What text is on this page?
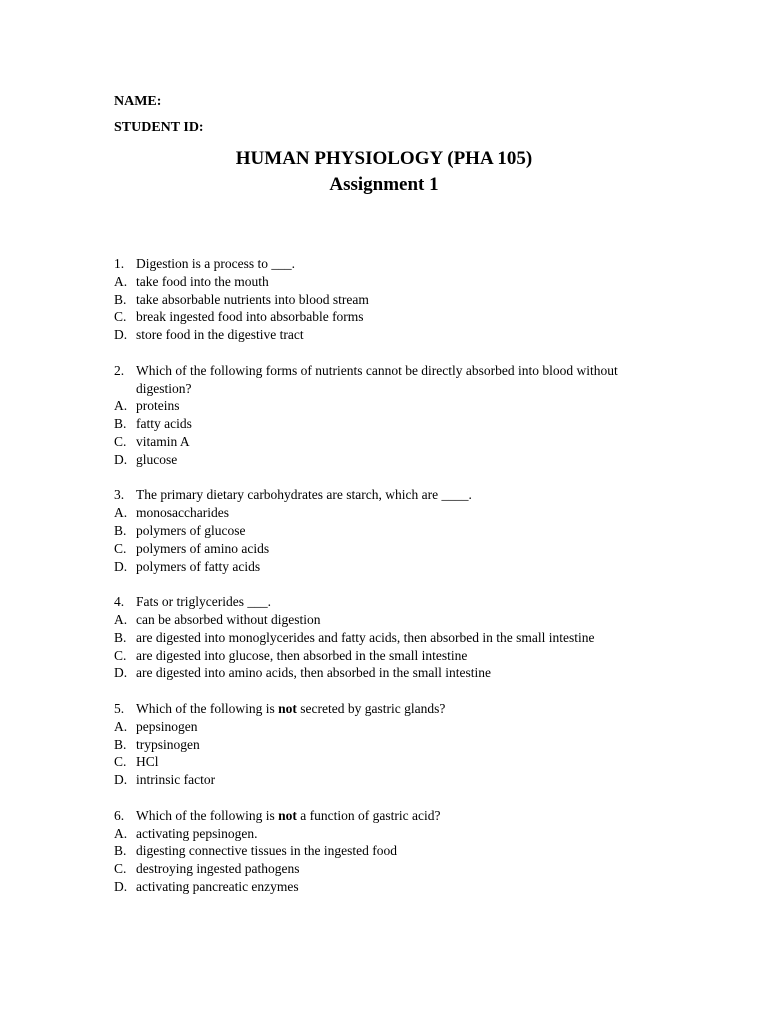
NAME:
STUDENT ID:
HUMAN PHYSIOLOGY (PHA 105)
Assignment 1
1. Digestion is a process to ___.
A. take food into the mouth
B. take absorbable nutrients into blood stream
C. break ingested food into absorbable forms
D. store food in the digestive tract
2. Which of the following forms of nutrients cannot be directly absorbed into blood without digestion?
A. proteins
B. fatty acids
C. vitamin A
D. glucose
3. The primary dietary carbohydrates are starch, which are ____.
A. monosaccharides
B. polymers of glucose
C. polymers of amino acids
D. polymers of fatty acids
4. Fats or triglycerides ___.
A. can be absorbed without digestion
B. are digested into monoglycerides and fatty acids, then absorbed in the small intestine
C. are digested into glucose, then absorbed in the small intestine
D. are digested into amino acids, then absorbed in the small intestine
5. Which of the following is not secreted by gastric glands?
A. pepsinogen
B. trypsinogen
C. HCl
D. intrinsic factor
6. Which of the following is not a function of gastric acid?
A. activating pepsinogen.
B. digesting connective tissues in the ingested food
C. destroying ingested pathogens
D. activating pancreatic enzymes
